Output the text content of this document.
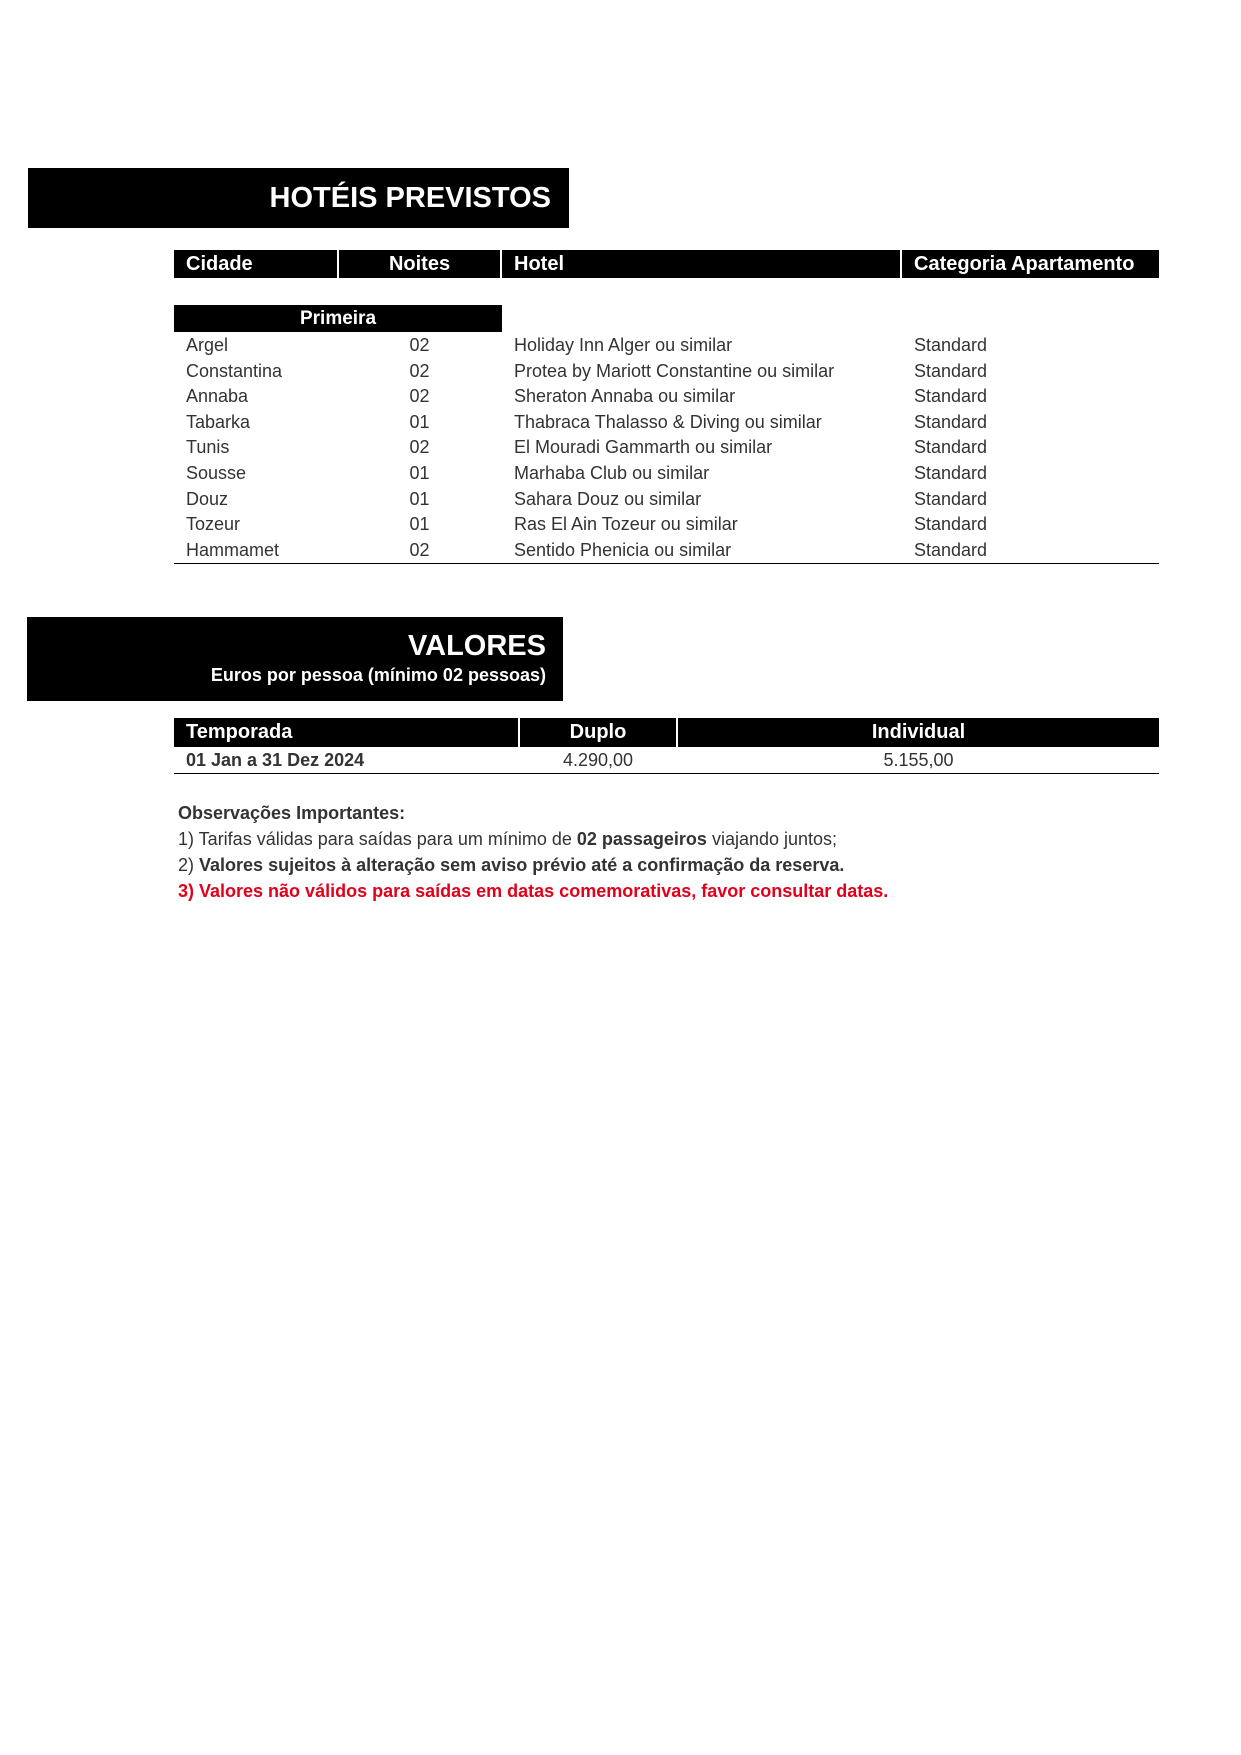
HOTÉIS PREVISTOS
Cidade	Noites	Hotel	Categoria Apartamento
Primeira
Argel	02	Holiday Inn Alger ou similar	Standard
Constantina	02	Protea by Mariott Constantine ou similar	Standard
Annaba	02	Sheraton Annaba ou similar	Standard
Tabarka	01	Thabraca Thalasso & Diving ou similar	Standard
Tunis	02	El Mouradi Gammarth ou similar	Standard
Sousse	01	Marhaba Club ou similar	Standard
Douz	01	Sahara Douz ou similar	Standard
Tozeur	01	Ras El Ain Tozeur ou similar	Standard
Hammamet	02	Sentido Phenicia ou similar	Standard
VALORES
Euros por pessoa (mínimo 02 pessoas)
Temporada	Duplo	Individual
01 Jan a 31 Dez 2024	4.290,00	5.155,00
Observações Importantes:
1) Tarifas válidas para saídas para um mínimo de 02 passageiros viajando juntos;
2) Valores sujeitos à alteração sem aviso prévio até a confirmação da reserva.
3) Valores não válidos para saídas em datas comemorativas, favor consultar datas.
